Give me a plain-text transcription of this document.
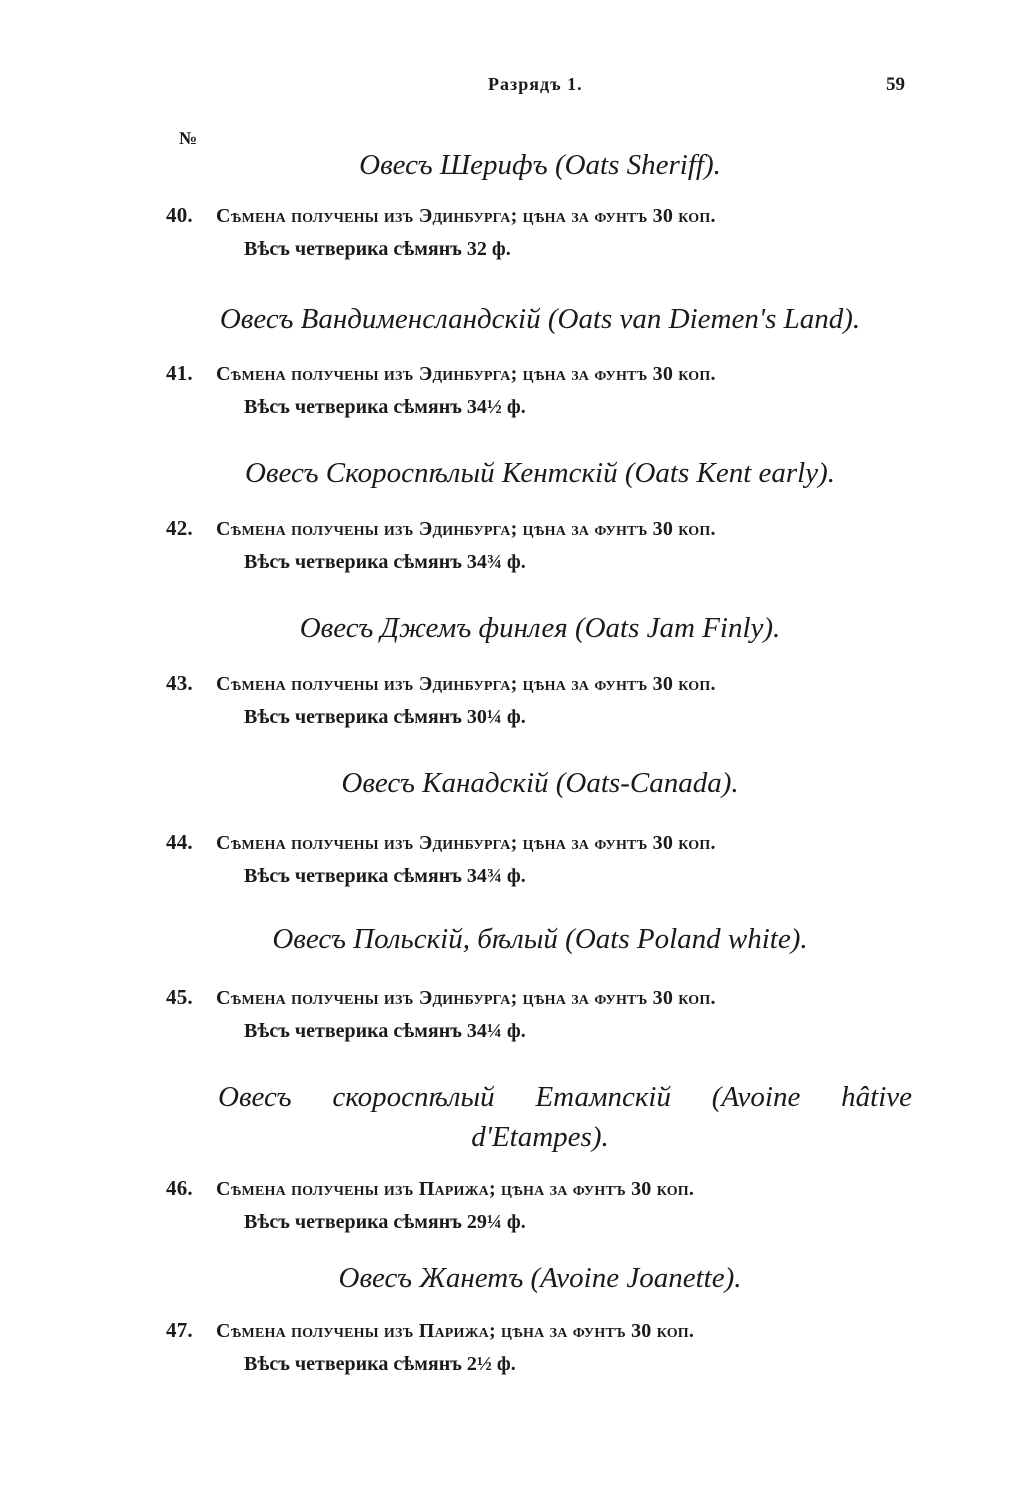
Разрядъ 1.	59
№
Овесъ Шерифъ (Oats Sheriff).
40. Сѣмена получены изъ Эдинбурга; цѣна за фунтъ 30 коп.
Вѣсъ четверика сѣмянъ 32 ф.
Овесъ Вандименсландскій (Oats van Diemen's Land).
41. Сѣмена получены изъ Эдинбурга; цѣна за фунтъ 30 коп.
Вѣсъ четверика сѣмянъ 34½ ф.
Овесъ Скороспѣлый Кентскій (Oats Kent early).
42. Сѣмена получены изъ Эдинбурга; цѣна за фунтъ 30 коп.
Вѣсъ четверика сѣмянъ 34¾ ф.
Овесъ Джемъ финлея (Oats Jam Finly).
43. Сѣмена получены изъ Эдинбурга; цѣна за фунтъ 30 коп.
Вѣсъ четверика сѣмянъ 30¼ ф.
Овесъ Канадскій (Oats-Canada).
44. Сѣмена получены изъ Эдинбурга; цѣна за фунтъ 30 коп.
Вѣсъ четверика сѣмянъ 34¾ ф.
Овесъ Польскій, бѣлый (Oats Poland white).
45. Сѣмена получены изъ Эдинбурга; цѣна за фунтъ 30 коп.
Вѣсъ четверика сѣмянъ 34¼ ф.
Овесъ скороспѣлый Етампскій (Avoine hâtive
d'Etampes).
46. Сѣмена получены изъ Парижа; цѣна за фунтъ 30 коп.
Вѣсъ четверика сѣмянъ 29¼ ф.
Овесъ Жанетъ (Avoine Joanette).
47. Сѣмена получены изъ Парижа; цѣна за фунтъ 30 коп.
Вѣсъ четверика сѣмянъ 2½ ф.
